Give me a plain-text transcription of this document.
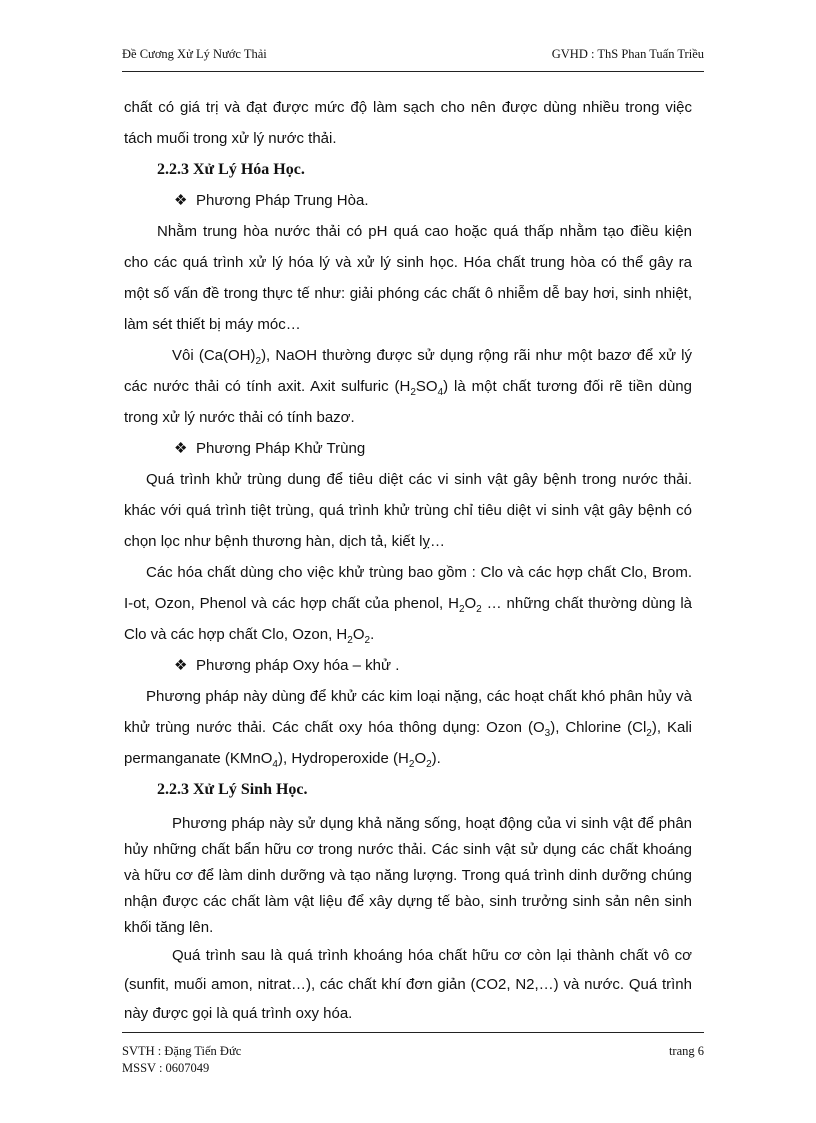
Đề Cương Xử Lý Nước Thải	GVHD : ThS Phan Tuấn Triều

chất có giá trị và đạt được mức độ làm sạch cho nên được dùng nhiều trong việc tách muối trong xử lý nước thải.

2.2.3 Xử Lý Hóa Học.
❖ Phương Pháp Trung Hòa.

Nhằm trung hòa nước thải có pH quá cao hoặc quá thấp nhằm tạo điều kiện cho các quá trình xử lý hóa lý và xử lý sinh học. Hóa chất trung hòa có thể gây ra một số vấn đề trong thực tế như: giải phóng các chất ô nhiễm dễ bay hơi, sinh nhiệt, làm sét thiết bị máy móc…

Vôi $(Ca(OH)_2)$, NaOH thường được sử dụng rộng rãi như một bazơ để xử lý các nước thải có tính axit. Axit sulfuric $(H_2SO_4)$ là một chất tương đối rẽ tiền dùng trong xử lý nước thải có tính bazơ.

❖ Phương Pháp Khử Trùng

Quá trình khử trùng dung để tiêu diệt các vi sinh vật gây bệnh trong nước thải. khác với quá trình tiệt trùng, quá trình khử trùng chỉ tiêu diệt vi sinh vật gây bệnh có chọn lọc như bệnh thương hàn, dịch tả, kiết lỵ…

Các hóa chất dùng cho việc khử trùng bao gồm : Clo và các hợp chất Clo, Brom. I-ot, Ozon, Phenol và các hợp chất của phenol, $H_2O_2$ … những chất thường dùng là Clo và các hợp chất Clo, Ozon, $H_2O_2$.

❖ Phương pháp Oxy hóa – khử .

Phương pháp này dùng để khử các kim loại nặng, các hoạt chất khó phân hủy và khử trùng nước thải. Các chất oxy hóa thông dụng: Ozon $(O_3)$, Chlorine $(Cl_2)$, Kali permanganate (KMnO$_4$), Hydroperoxide $(H_2O_2)$.

2.2.3 Xử Lý Sinh Học.

Phương pháp này sử dụng khả năng sống, hoạt động của vi sinh vật để phân hủy những chất bẩn hữu cơ trong nước thải. Các sinh vật sử dụng các chất khoáng và hữu cơ để làm dinh dưỡng và tạo năng lượng. Trong quá trình dinh dưỡng chúng nhận được các chất làm vật liệu để xây dựng tế bào, sinh trưởng sinh sản nên sinh khối tăng lên.

Quá trình sau là quá trình khoáng hóa chất hữu cơ còn lại thành chất vô cơ (sunfit, muối amon, nitrat…), các chất khí đơn giản (CO2, N2,…) và nước. Quá trình này được gọi là quá trình oxy hóa.

SVTH : Đặng Tiến Đức
MSSV : 0607049
trang 6
